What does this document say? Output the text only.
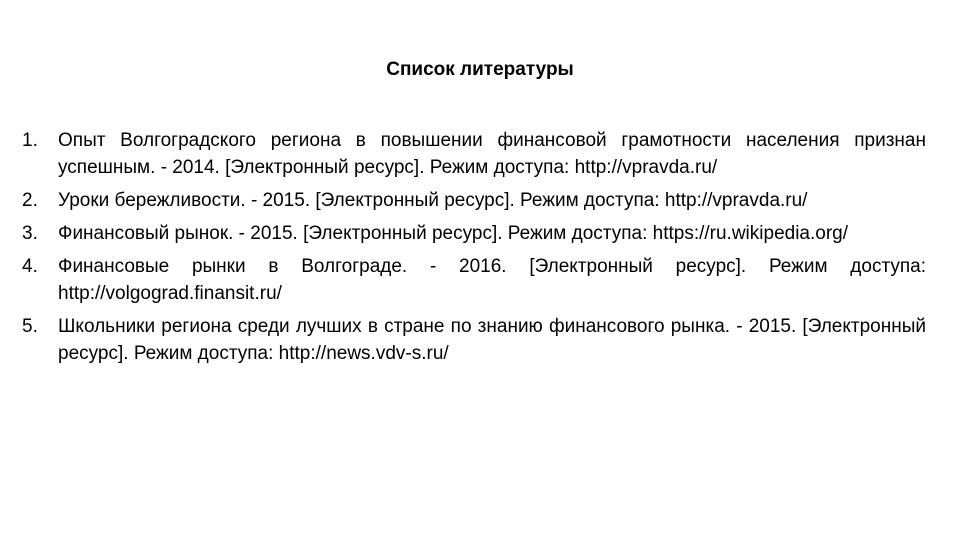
Список литературы
1.	Опыт Волгоградского региона в повышении финансовой грамотности населения признан успешным. - 2014. [Электронный ресурс]. Режим доступа: http://vpravda.ru/
2.	Уроки бережливости. - 2015. [Электронный ресурс]. Режим доступа: http://vpravda.ru/
3.	Финансовый рынок. - 2015. [Электронный ресурс]. Режим доступа: https://ru.wikipedia.org/
4.	Финансовые рынки в Волгограде. - 2016. [Электронный ресурс]. Режим доступа: http://volgograd.finansit.ru/
5.	Школьники региона среди лучших в стране по знанию финансового рынка. - 2015. [Электронный ресурс]. Режим доступа: http://news.vdv-s.ru/
